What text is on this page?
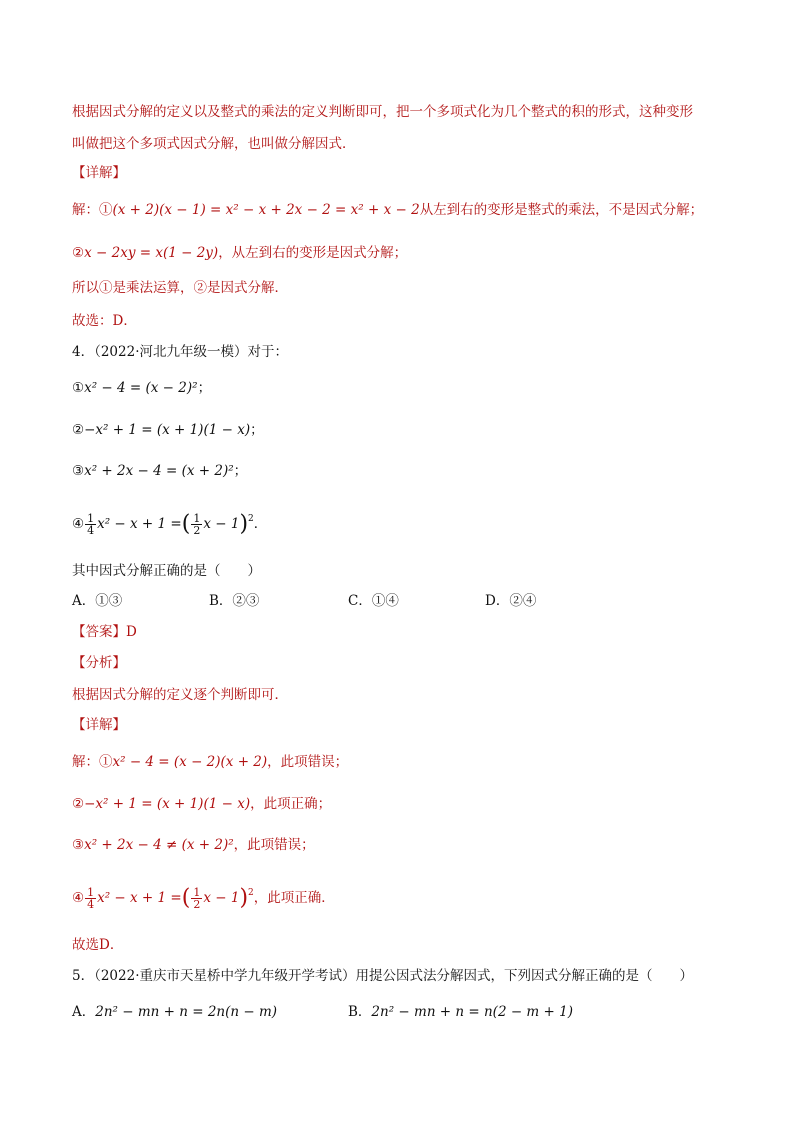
根据因式分解的定义以及整式的乘法的定义判断即可，把一个多项式化为几个整式的积的形式，这种变形
叫做把这个多项式因式分解，也叫做分解因式．
【详解】
解：①(x + 2)(x − 1) = x² − x + 2x − 2 = x² + x − 2从左到右的变形是整式的乘法，不是因式分解；
②x − 2xy = x(1 − 2y)，从左到右的变形是因式分解；
所以①是乘法运算，②是因式分解．
故选：D．
4．（2022·河北九年级一模）对于：
①x² − 4 = (x − 2)²；
②−x² + 1 = (x + 1)(1 − x)；
③x² + 2x − 4 = (x + 2)²；
④ $\frac{1}{4} x^2 - x + 1$ =( $\frac{1}{2}$ x − 1)$^2$．
其中因式分解正确的是（　　）
A．①③	B．②③	C．①④	D．②④
【答案】D
【分析】
根据因式分解的定义逐个判断即可．
【详解】
解：①x² − 4 = (x − 2)(x + 2)，此项错误；
②−x² + 1 = (x + 1)(1 − x)，此项正确；
③x² + 2x − 4 ≠ (x + 2)²，此项错误；
④ $\frac{1}{4} x^2 - x + 1$ =( $\frac{1}{2}$ x − 1)$^2$，此项正确．
故选D．
5．（2022·重庆市天星桥中学九年级开学考试）用提公因式法分解因式，下列因式分解正确的是（　　）
A．2n² − mn + n = 2n(n − m)	B．2n² − mn + n = n(2 − m + 1)
